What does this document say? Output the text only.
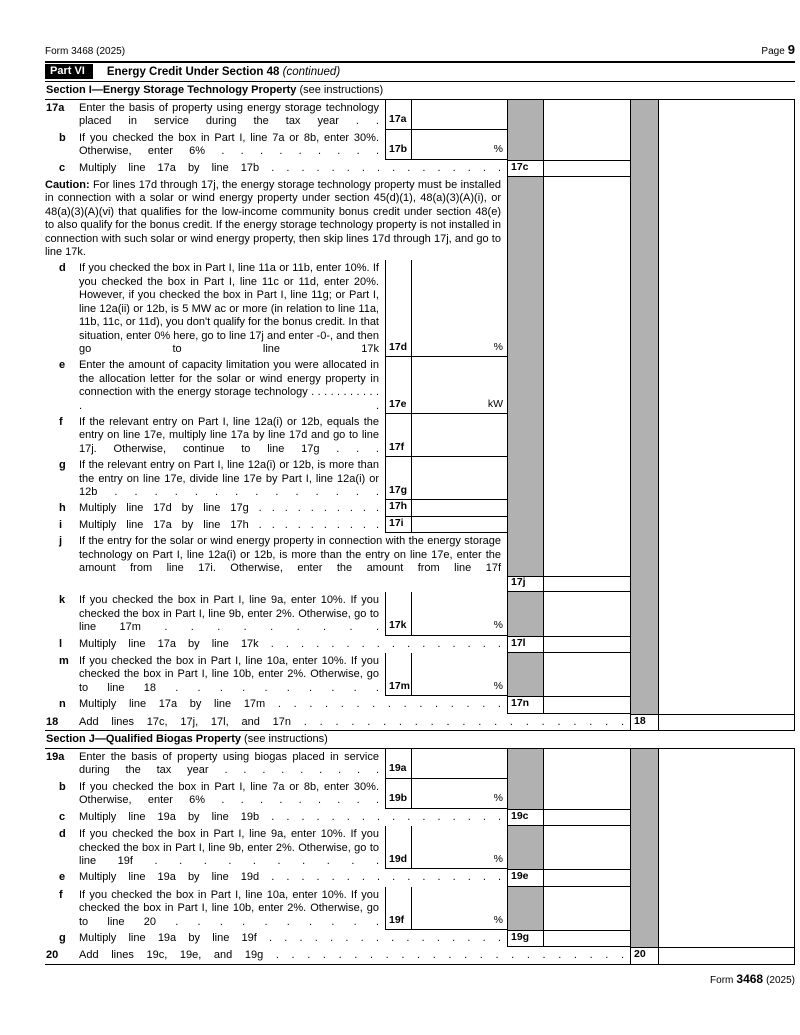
Form 3468 (2025)	Page 9
Part VI	Energy Credit Under Section 48 (continued)
Section I—Energy Storage Technology Property (see instructions)
17a	Enter the basis of property using energy storage technology placed in service during the tax year . . 17a
b	If you checked the box in Part I, line 7a or 8b, enter 30%. Otherwise, enter 6% . . . . . . . . . 17b	%
c	Multiply line 17a by line 17b . . . . . . . . . . . . . . . . 17c
Caution: For lines 17d through 17j, the energy storage technology property must be installed in connection with a solar or wind energy property under section 45(d)(1), 48(a)(3)(A)(i), or 48(a)(3)(A)(vi) that qualifies for the low-income community bonus credit under section 48(e) to also qualify for the bonus credit. If the energy storage technology property is not installed in connection with such solar or wind energy property, then skip lines 17d through 17j, and go to line 17k.
d	If you checked the box in Part I, line 11a or 11b, enter 10%. If you checked the box in Part I, line 11c or 11d, enter 20%. However, if you checked the box in Part I, line 11g; or Part I, line 12a(ii) or 12b, is 5 MW ac or more (in relation to line 11a, 11b, 11c, or 11d), you don't qualify for the bonus credit. In that situation, enter 0% here, go to line 17j and enter -0-, and then go to line 17k 17d	%
e	Enter the amount of capacity limitation you were allocated in the allocation letter for the solar or wind energy property in connection with the energy storage technology . . . . . . . . . . . . . 17e	kW
f	If the relevant entry on Part I, line 12a(i) or 12b, equals the entry on line 17e, multiply line 17a by line 17d and go to line 17j. Otherwise, continue to line 17g . . . 17f
g	If the relevant entry on Part I, line 12a(i) or 12b, is more than the entry on line 17e, divide line 17e by Part I, line 12a(i) or 12b . . . . . . . . . . . . . . 17g
h	Multiply line 17d by line 17g . . . . . . . . . . 17h
i	Multiply line 17a by line 17h . . . . . . . . . . 17i
j	If the entry for the solar or wind energy property in connection with the energy storage technology on Part I, line 12a(i) or 12b, is more than the entry on line 17e, enter the amount from line 17i. Otherwise, enter the amount from line 17f
17j
k	If you checked the box in Part I, line 9a, enter 10%. If you checked the box in Part I, line 9b, enter 2%. Otherwise, go to line 17m . . . . . . . . . 17k	%
l	Multiply line 17a by line 17k . . . . . . . . . . . . . . . . 17l
m If you checked the box in Part I, line 10a, enter 10%. If you checked the box in Part I, line 10b, enter 2%. Otherwise, go to line 18 . . . . . . . . . . 17m	%
n	Multiply line 17a by line 17m . . . . . . . . . . . . . . . 17n
18	Add lines 17c, 17j, 17l, and 17n . . . . . . . . . . . . . . . . . . . . . 18
Section J—Qualified Biogas Property (see instructions)
19a	Enter the basis of property using biogas placed in service during the tax year . . . . . . . . . 19a
b	If you checked the box in Part I, line 7a or 8b, enter 30%. Otherwise, enter 6% . . . . . . . . . 19b	%
c	Multiply line 19a by line 19b . . . . . . . . . . . . . . . . 19c
d	If you checked the box in Part I, line 9a, enter 10%. If you checked the box in Part I, line 9b, enter 2%. Otherwise, go to line 19f . . . . . . . . . . 19d	%
e	Multiply line 19a by line 19d . . . . . . . . . . . . . . . . 19e
f	If you checked the box in Part I, line 10a, enter 10%. If you checked the box in Part I, line 10b, enter 2%. Otherwise, go to line 20 . . . . . . . . . . 19f	%
g	Multiply line 19a by line 19f . . . . . . . . . . . . . . . . 19g
20	Add lines 19c, 19e, and 19g . . . . . . . . . . . . . . . . . . . . . . . 20
Form 3468 (2025)
